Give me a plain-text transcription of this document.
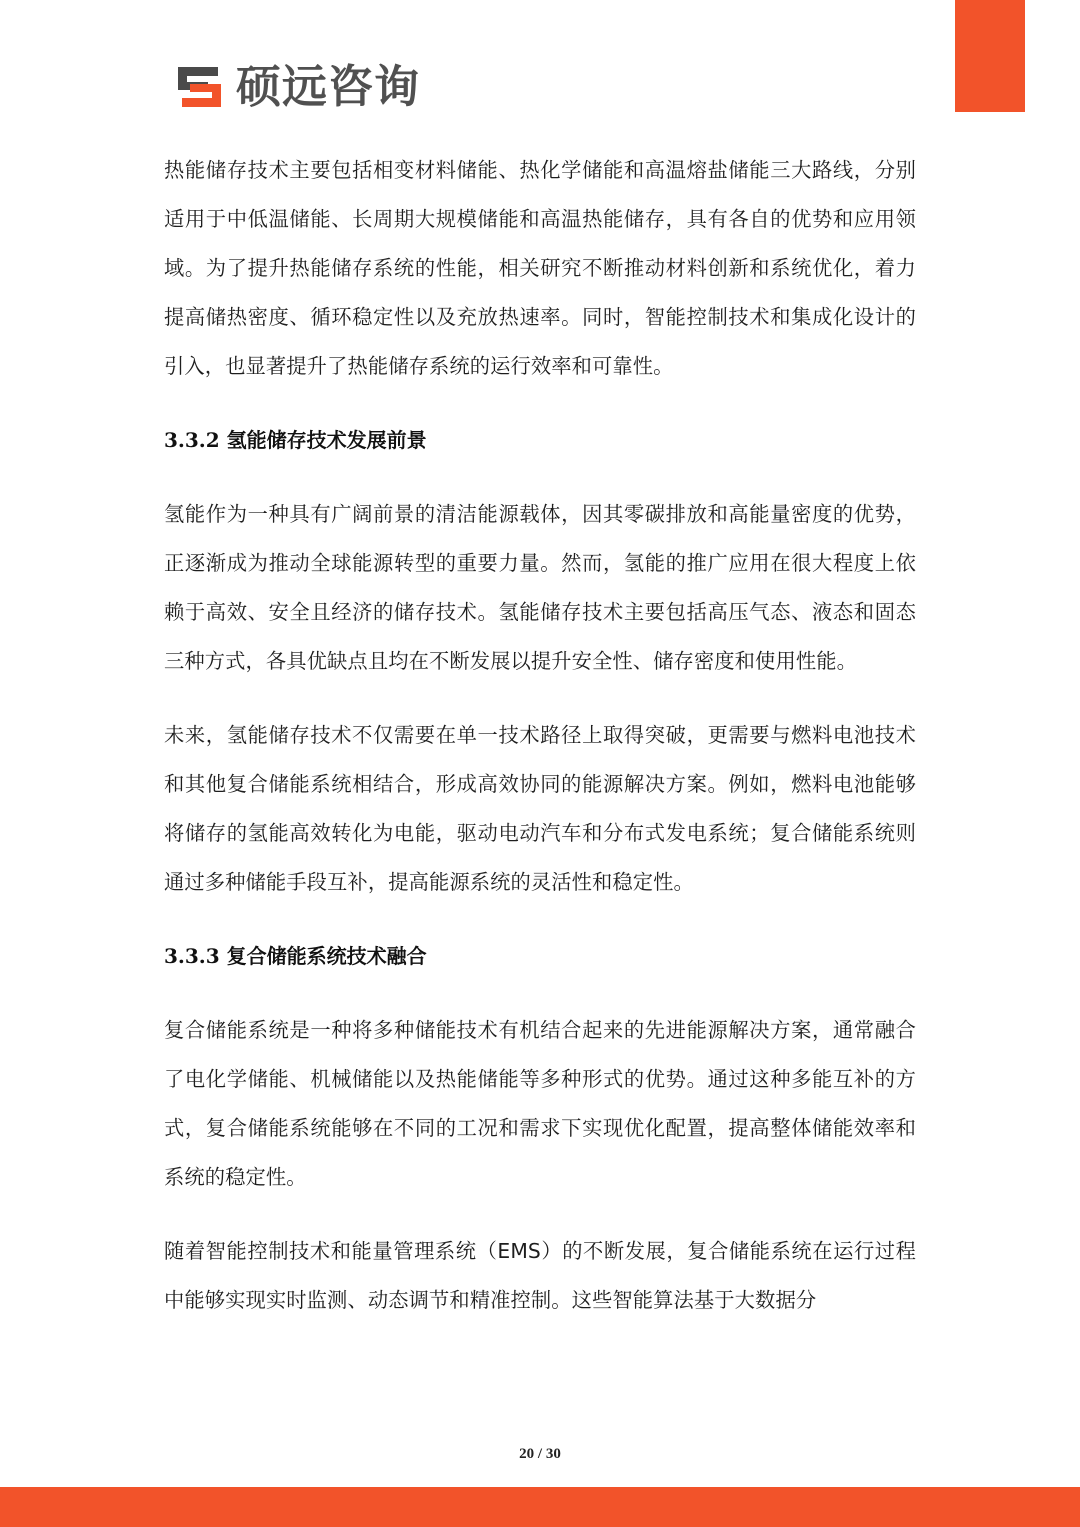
硕远咨询

热能储存技术主要包括相变材料储能、热化学储能和高温熔盐储能三大路线，分别适用于中低温储能、长周期大规模储能和高温热能储存，具有各自的优势和应用领域。为了提升热能储存系统的性能，相关研究不断推动材料创新和系统优化，着力提高储热密度、循环稳定性以及充放热速率。同时，智能控制技术和集成化设计的引入，也显著提升了热能储存系统的运行效率和可靠性。

3.3.2 氢能储存技术发展前景

氢能作为一种具有广阔前景的清洁能源载体，因其零碳排放和高能量密度的优势，正逐渐成为推动全球能源转型的重要力量。然而，氢能的推广应用在很大程度上依赖于高效、安全且经济的储存技术。氢能储存技术主要包括高压气态、液态和固态三种方式，各具优缺点且均在不断发展以提升安全性、储存密度和使用性能。

未来，氢能储存技术不仅需要在单一技术路径上取得突破，更需要与燃料电池技术和其他复合储能系统相结合，形成高效协同的能源解决方案。例如，燃料电池能够将储存的氢能高效转化为电能，驱动电动汽车和分布式发电系统；复合储能系统则通过多种储能手段互补，提高能源系统的灵活性和稳定性。

3.3.3 复合储能系统技术融合

复合储能系统是一种将多种储能技术有机结合起来的先进能源解决方案，通常融合了电化学储能、机械储能以及热能储能等多种形式的优势。通过这种多能互补的方式，复合储能系统能够在不同的工况和需求下实现优化配置，提高整体储能效率和系统的稳定性。

随着智能控制技术和能量管理系统（EMS）的不断发展，复合储能系统在运行过程中能够实现实时监测、动态调节和精准控制。这些智能算法基于大数据分

20 / 30
